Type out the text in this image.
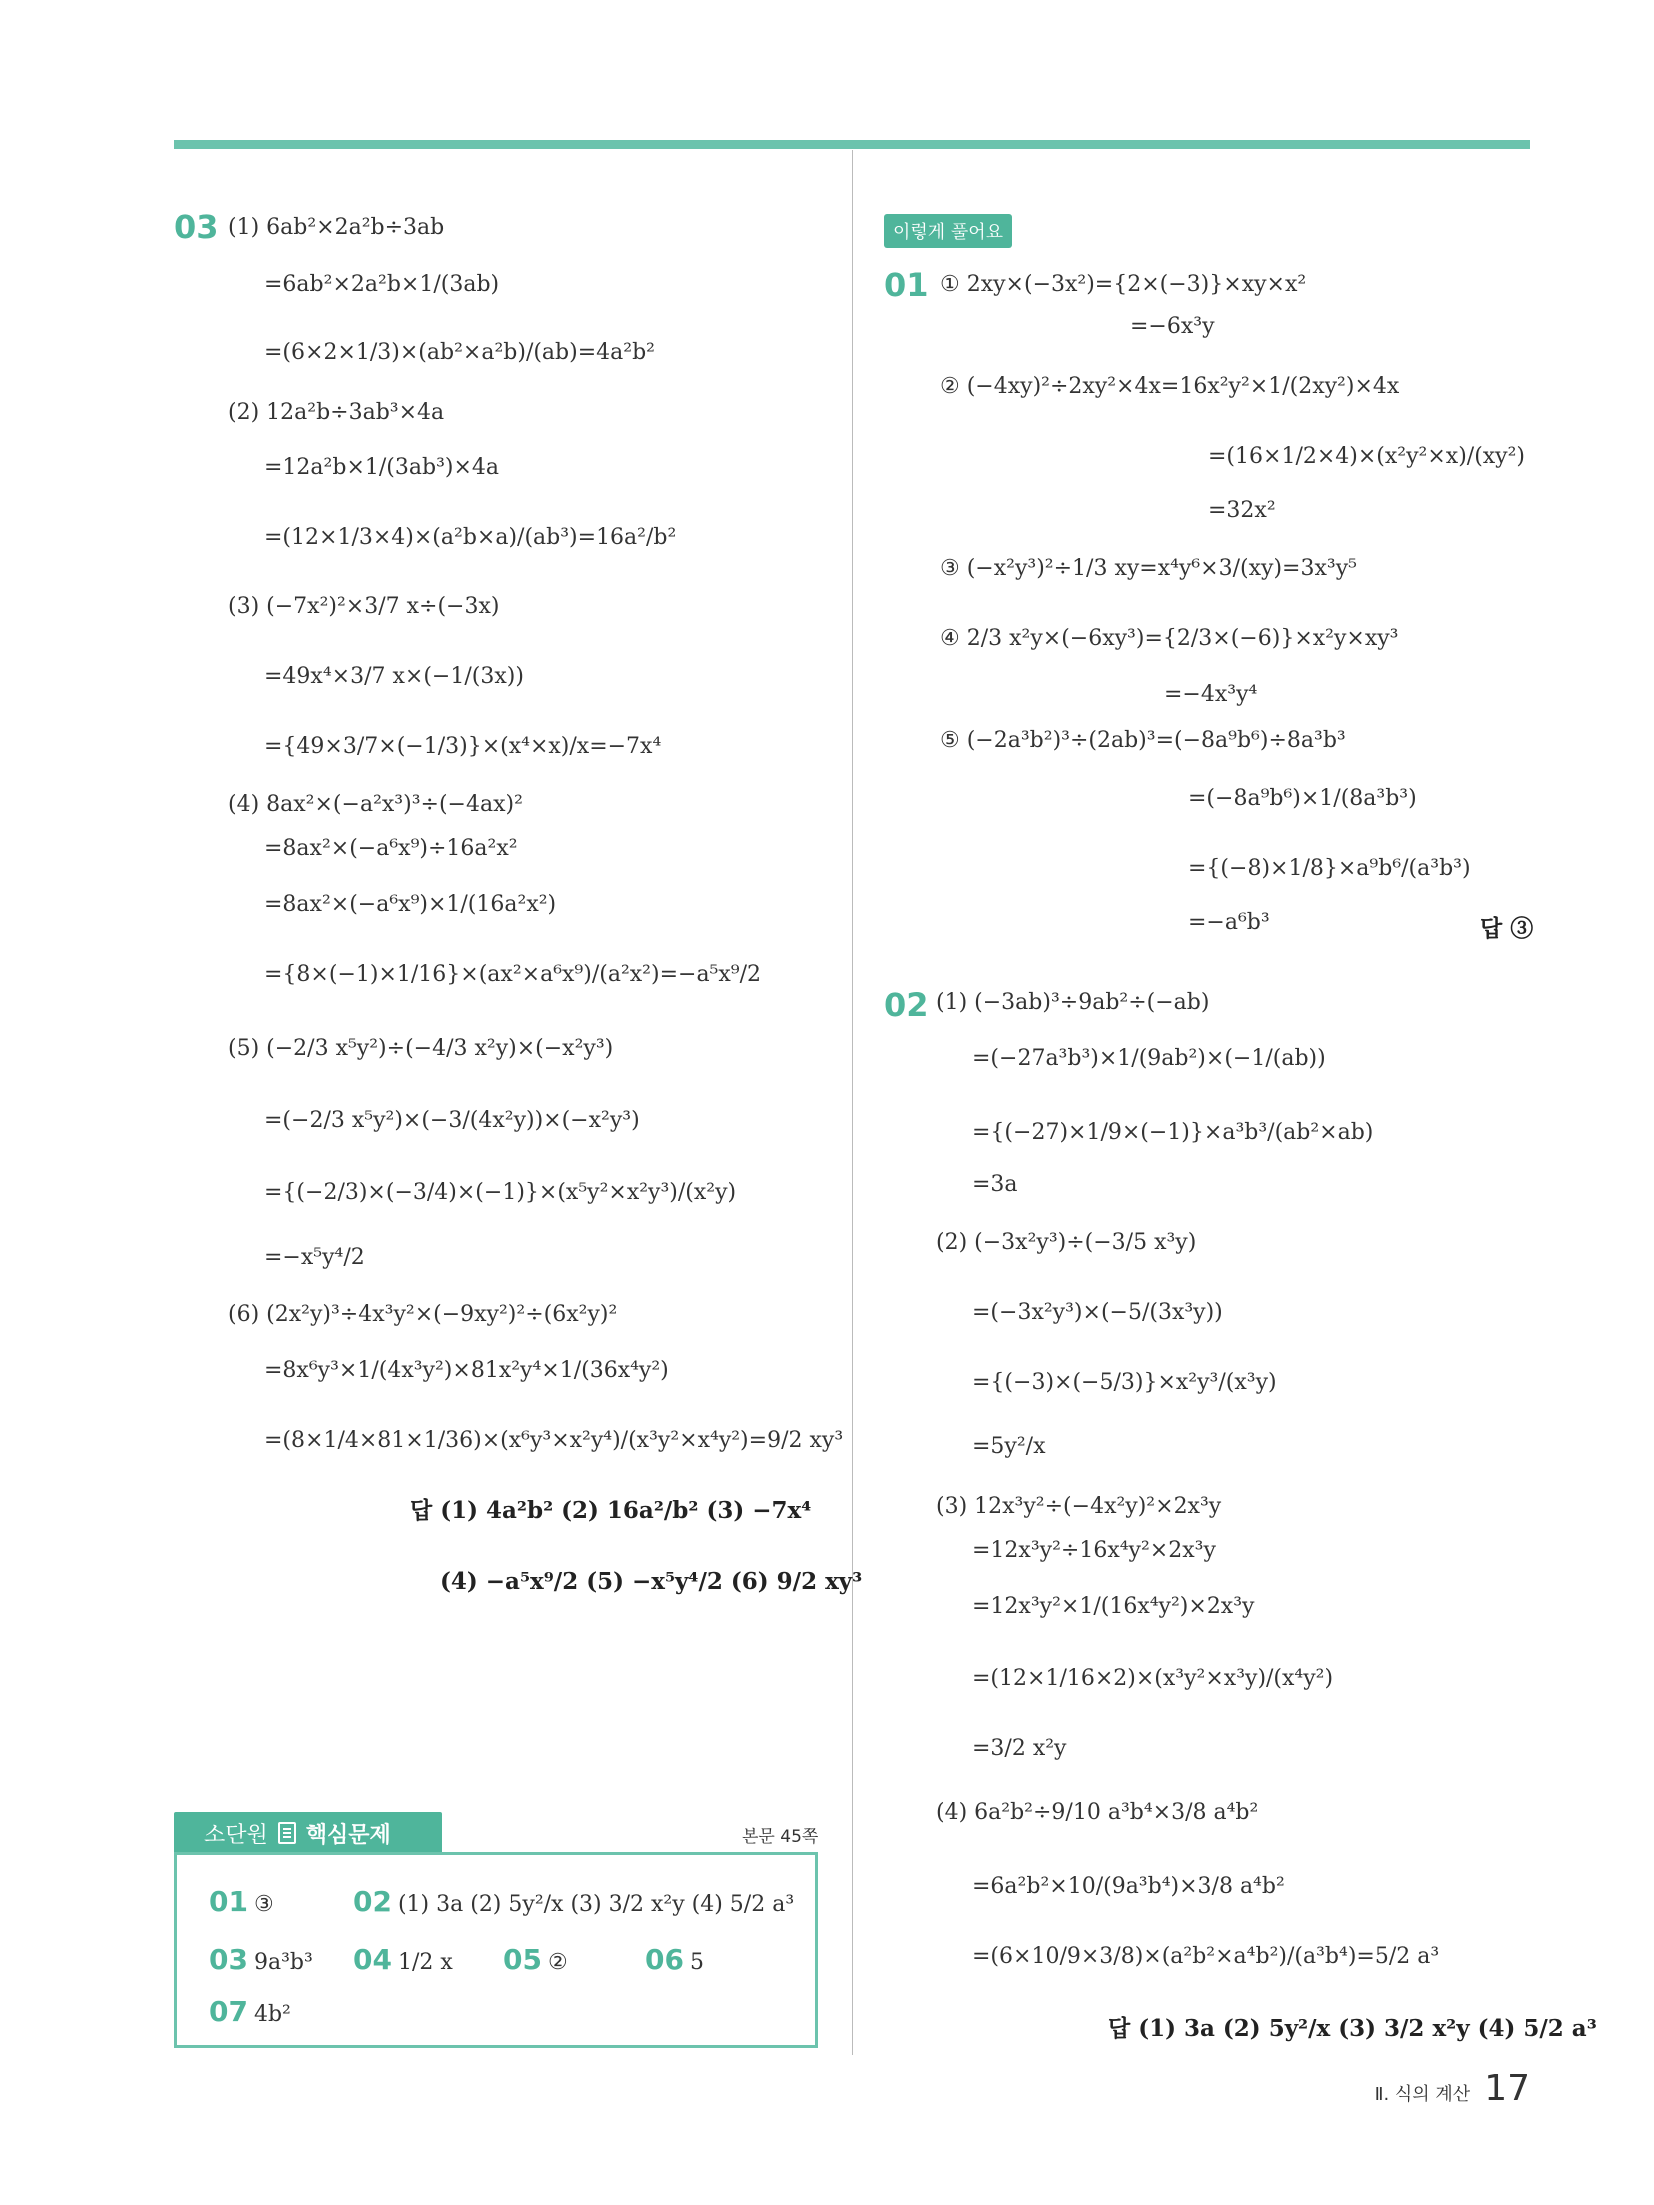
03 (1) 6ab²×2a²b÷3ab
=6ab²×2a²b×1/(3ab)
=(6×2×1/3)×(ab²×a²b)/(ab)=4a²b²
(2) 12a²b÷3ab³×4a
=12a²b×1/(3ab³)×4a
=(12×1/3×4)×(a²b×a)/(ab³)=16a²/b²
(3) (−7x²)²×3/7 x÷(−3x)
=49x⁴×3/7 x×(−1/(3x))
={49×3/7×(−1/3)}×(x⁴×x)/x=−7x⁴
(4) 8ax²×(−a²x³)³÷(−4ax)²
=8ax²×(−a⁶x⁹)÷16a²x²
=8ax²×(−a⁶x⁹)×1/(16a²x²)
={8×(−1)×1/16}×(ax²×a⁶x⁹)/(a²x²)=−a⁵x⁹/2
(5) (−2/3 x⁵y²)÷(−4/3 x²y)×(−x²y³)
=(−2/3 x⁵y²)×(−3/(4x²y))×(−x²y³)
={(−2/3)×(−3/4)×(−1)}×(x⁵y²×x²y³)/(x²y)
=−x⁵y⁴/2
(6) (2x²y)³÷4x³y²×(−9xy²)²÷(6x²y)²
=8x⁶y³×1/(4x³y²)×81x²y⁴×1/(36x⁴y²)
=(8×1/4×81×1/36)×(x⁶y³×x²y⁴)/(x³y²×x⁴y²)=9/2 xy³
답 (1) 4a²b² (2) 16a²/b² (3) −7x⁴
(4) −a⁵x⁹/2 (5) −x⁵y⁴/2 (6) 9/2 xy³
소단원 핵심문제	본문 45쪽
01 ③	02 (1) 3a (2) 5y²/x (3) 3/2 x²y (4) 5/2 a³
03 9a³b³ 04 1/2 x 05 ②	06 5
07 4b²
이렇게 풀어요
01 ① 2xy×(−3x²)={2×(−3)}×xy×x²
=−6x³y
② (−4xy)²÷2xy²×4x=16x²y²×1/(2xy²)×4x
=(16×1/2×4)×(x²y²×x)/(xy²)
=32x²
③ (−x²y³)²÷1/3 xy=x⁴y⁶×3/(xy)=3x³y⁵
④ 2/3 x²y×(−6xy³)={2/3×(−6)}×x²y×xy³
=−4x³y⁴
⑤ (−2a³b²)³÷(2ab)³=(−8a⁹b⁶)÷8a³b³
=(−8a⁹b⁶)×1/(8a³b³)
={(−8)×1/8}×a⁹b⁶/(a³b³)
=−a⁶b³	답 ③
02 (1) (−3ab)³÷9ab²÷(−ab)
=(−27a³b³)×1/(9ab²)×(−1/(ab))
={(−27)×1/9×(−1)}×a³b³/(ab²×ab)
=3a
(2) (−3x²y³)÷(−3/5 x³y)
=(−3x²y³)×(−5/(3x³y))
={(−3)×(−5/3)}×x²y³/(x³y)
=5y²/x
(3) 12x³y²÷(−4x²y)²×2x³y
=12x³y²÷16x⁴y²×2x³y
=12x³y²×1/(16x⁴y²)×2x³y
=(12×1/16×2)×(x³y²×x³y)/(x⁴y²)
=3/2 x²y
(4) 6a²b²÷9/10 a³b⁴×3/8 a⁴b²
=6a²b²×10/(9a³b⁴)×3/8 a⁴b²
=(6×10/9×3/8)×(a²b²×a⁴b²)/(a³b⁴)=5/2 a³
답 (1) 3a (2) 5y²/x (3) 3/2 x²y (4) 5/2 a³
Ⅱ. 식의 계산 17
